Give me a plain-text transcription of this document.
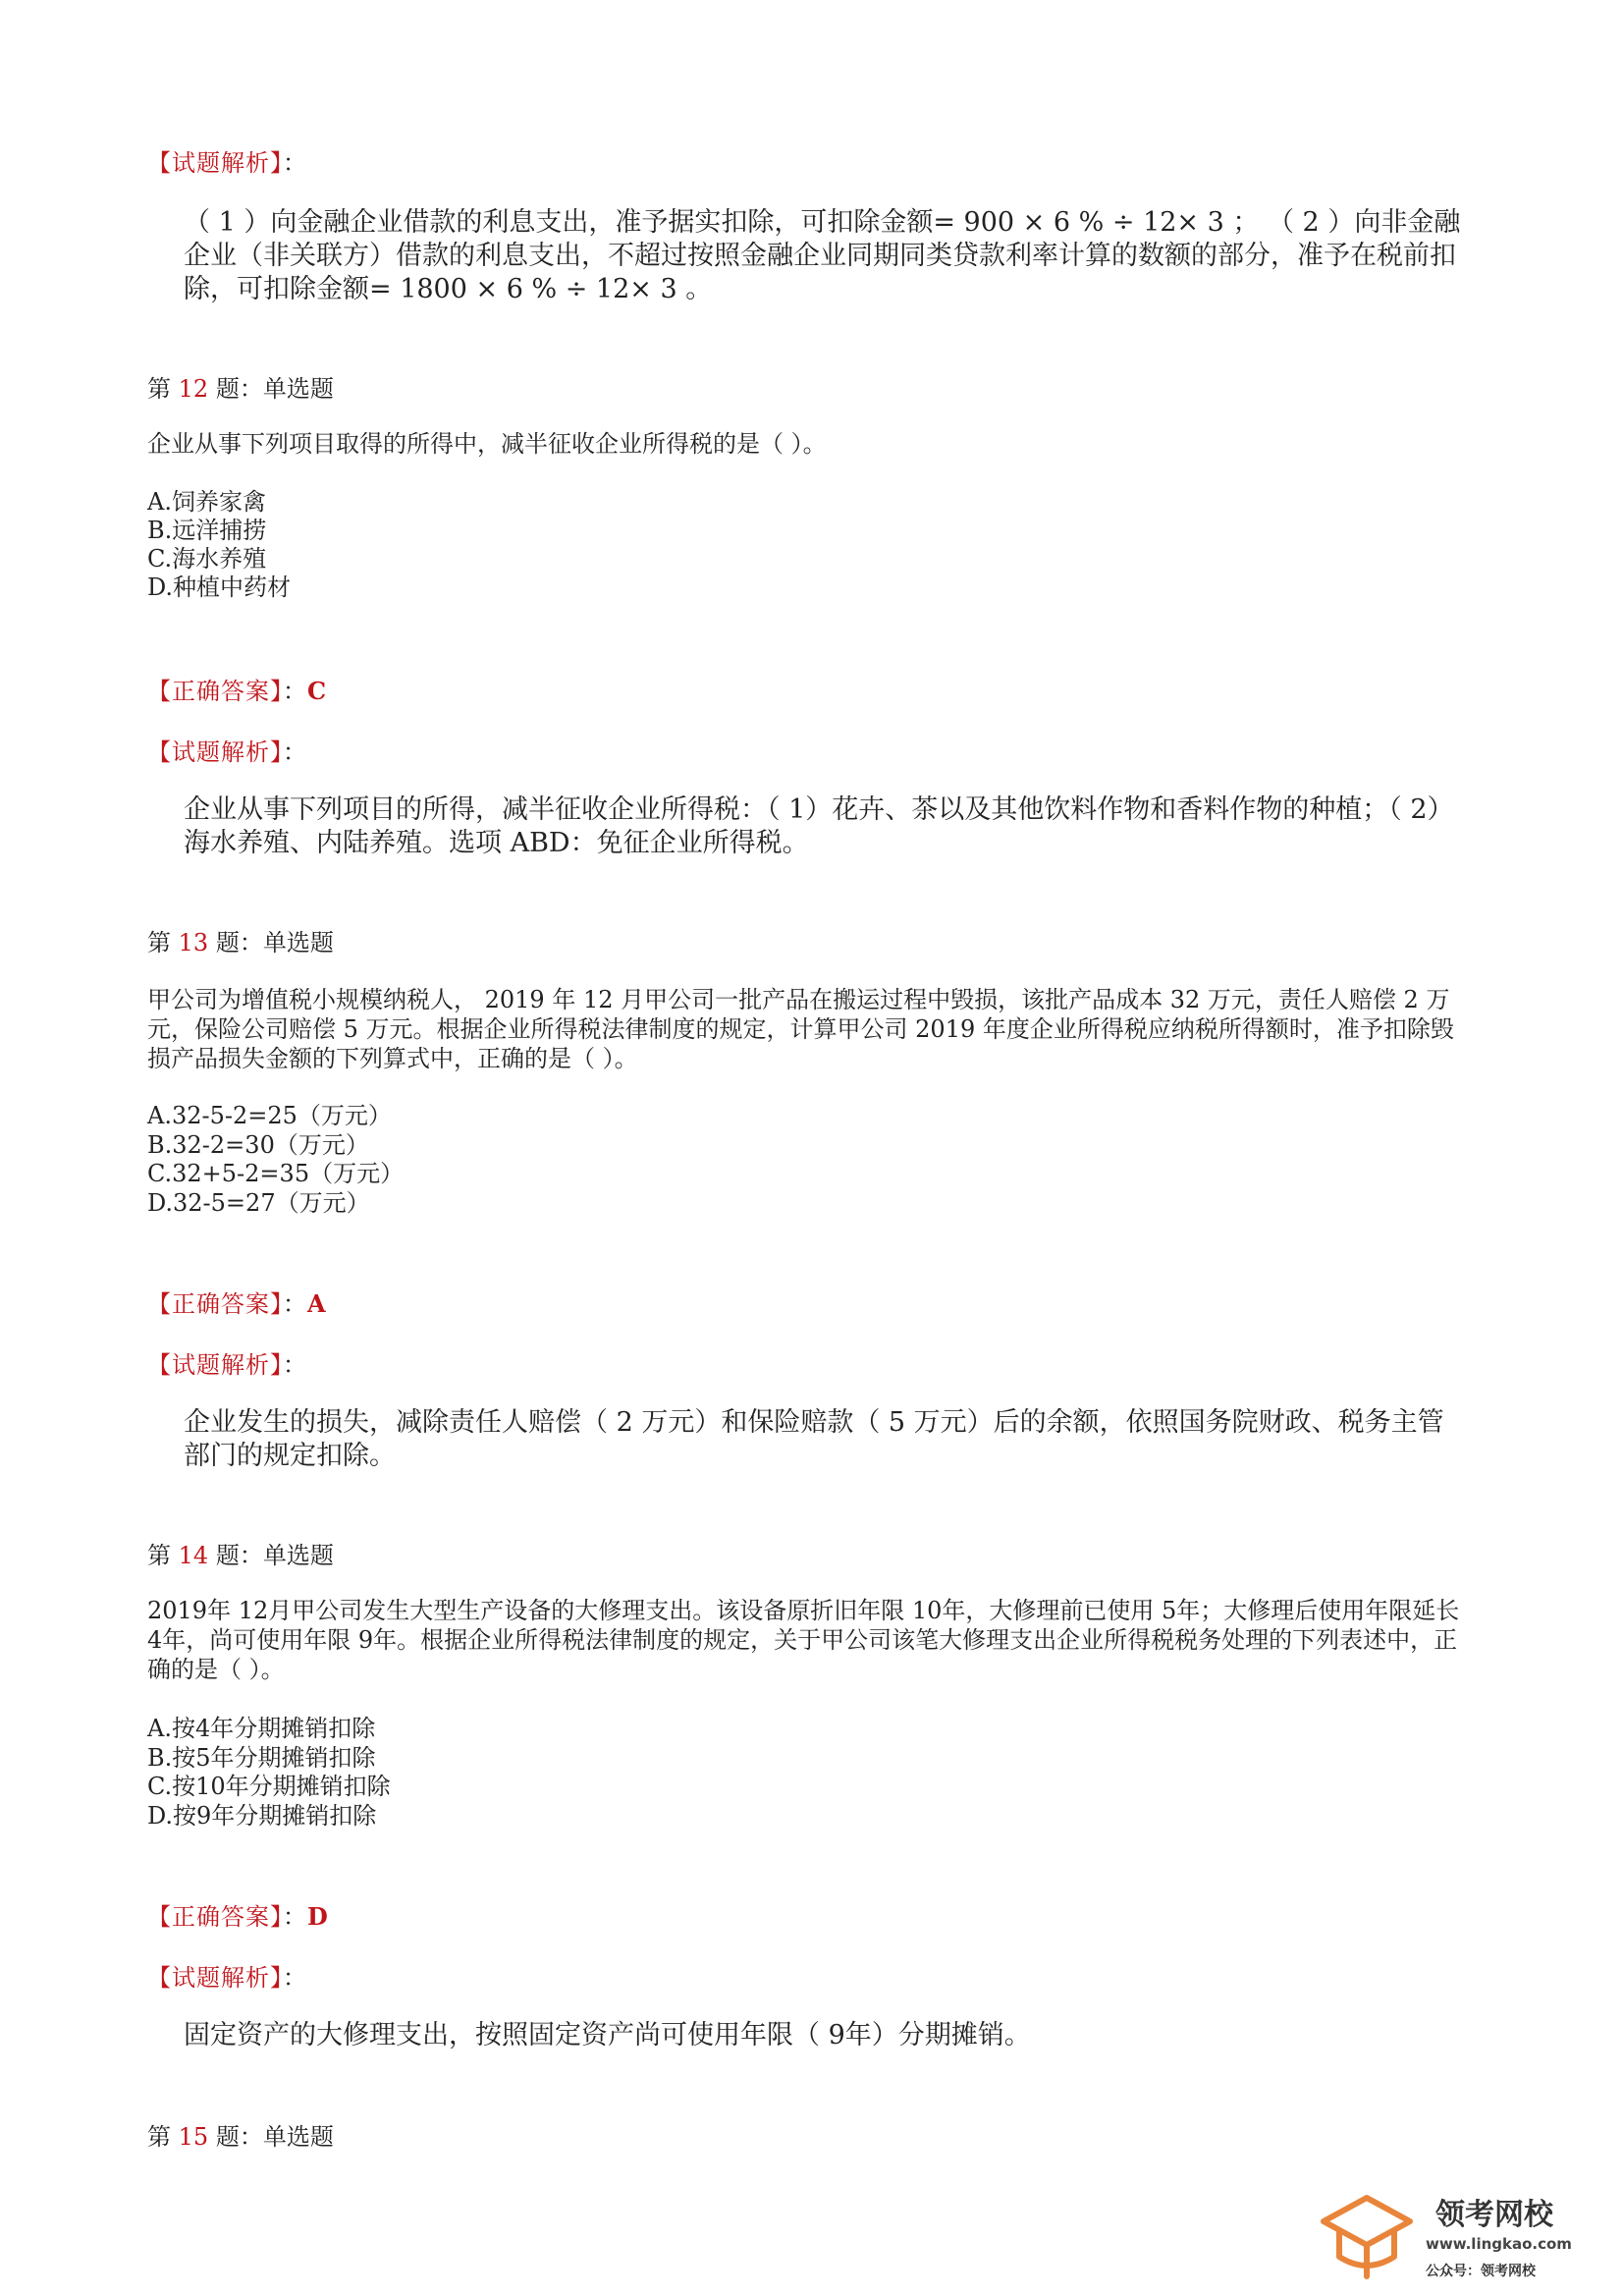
【试题解析】：
（ 1 ）向金融企业借款的利息支出，准予据实扣除，可扣除金额= 900 × 6 % ÷ 12× 3 ； （ 2 ）向非金融企业（非关联方）借款的利息支出，不超过按照金融企业同期同类贷款利率计算的数额的部分，准予在税前扣除，可扣除金额= 1800 × 6 % ÷ 12× 3 。
第 12 题：单选题
企业从事下列项目取得的所得中，减半征收企业所得税的是（ ）。
A.饲养家禽
B.远洋捕捞
C.海水养殖
D.种植中药材
【正确答案】：C
【试题解析】：
企业从事下列项目的所得，减半征收企业所得税：（ 1）花卉、茶以及其他饮料作物和香料作物的种植；（ 2）海水养殖、内陆养殖。选项 ABD：免征企业所得税。
第 13 题：单选题
甲公司为增值税小规模纳税人， 2019 年 12 月甲公司一批产品在搬运过程中毁损，该批产品成本 32 万元，责任人赔偿 2 万元，保险公司赔偿 5 万元。根据企业所得税法律制度的规定，计算甲公司 2019 年度企业所得税应纳税所得额时，准予扣除毁损产品损失金额的下列算式中，正确的是（ ）。
A.32-5-2=25（万元）
B.32-2=30（万元）
C.32+5-2=35（万元）
D.32-5=27（万元）
【正确答案】：A
【试题解析】：
企业发生的损失，减除责任人赔偿（ 2 万元）和保险赔款（ 5 万元）后的余额，依照国务院财政、税务主管部门的规定扣除。
第 14 题：单选题
2019年 12月甲公司发生大型生产设备的大修理支出。该设备原折旧年限 10年，大修理前已使用 5年；大修理后使用年限延长 4年，尚可使用年限 9年。根据企业所得税法律制度的规定，关于甲公司该笔大修理支出企业所得税税务处理的下列表述中，正确的是（ ）。
A.按4年分期摊销扣除
B.按5年分期摊销扣除
C.按10年分期摊销扣除
D.按9年分期摊销扣除
【正确答案】：D
【试题解析】：
固定资产的大修理支出，按照固定资产尚可使用年限（ 9年）分期摊销。
第 15 题：单选题
领考网校
www.lingkao.com
公众号：领考网校
